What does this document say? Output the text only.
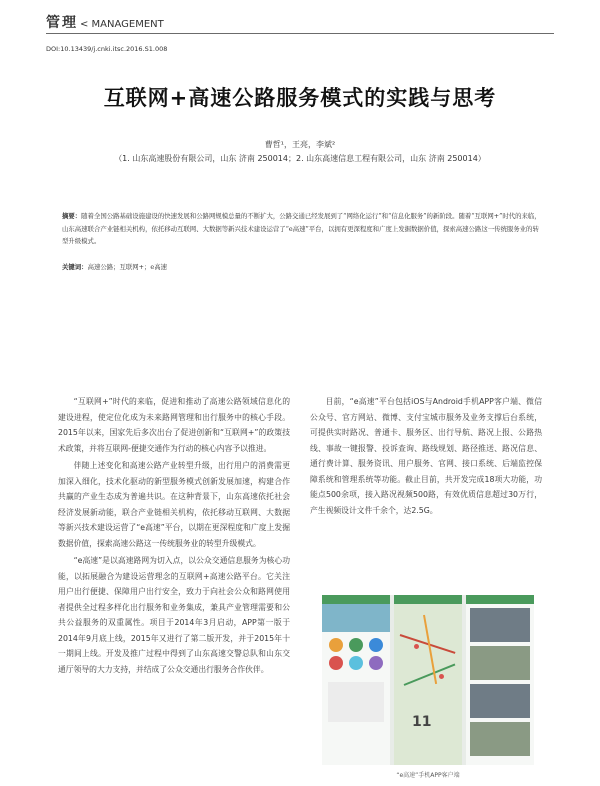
管理 < MANAGEMENT
DOI:10.13439/j.cnki.itsc.2016.S1.008
互联网+高速公路服务模式的实践与思考
曹哲¹，王亮，李斌²
（1. 山东高速股份有限公司，山东 济南 250014；2. 山东高速信息工程有限公司，山东 济南 250014）
摘要：随着全国公路基础设施建设的快速发展和公路网规模总量的不断扩大，公路交通已经发展到了“网络化运行”和“信息化服务”的新阶段。随着“互联网+”时代的来临，山东高速联合产业链相关机构，依托移动互联网、大数据等新兴技术建设运营了“e高速”平台，以拥有更深程度和广度上发掘数据价值，探索高速公路这一传统服务业的转型升级模式。
关键词：高速公路；互联网+；e高速

“互联网+”时代的来临，促进和推动了高速公路领域信息化的建设进程，使定位化成为未来路网管理和出行服务中的核心手段。2015年以来，国家先后多次出台了促进创新和“互联网+”的政策技术政策，并将互联网-便捷交通作为行动的核心内容予以推进。

伴随上述变化和高速公路产业转型升级，出行用户的消费需更加深入细化，技术化驱动的新型服务模式创新发展加速，构建合作共赢的产业生态成为普遍共识。在这种背景下，山东高速依托社会经济发展新动能，联合产业链相关机构，依托移动互联网、大数据等新兴技术建设运营了“e高速”平台，以期在更深程度和广度上发掘数据价值，探索高速公路这一传统服务业的转型升级模式。

“e高速”是以高速路网为切入点，以公众交通信息服务为核心功能，以拓展融合为建设运营理念的互联网+高速公路平台。它关注用户出行便捷、保障用户出行安全，致力于向社会公众和路网使用者提供全过程多样化出行服务和业务集成，兼具产业管理需要和公共公益服务的双重属性。项目于2014年3月启动，APP第一版于2014年9月底上线，2015年又进行了第二版开发，并于2015年十一期间上线。开发及推广过程中得到了山东高速交警总队和山东交通厅领导的大力支持，并结成了公众交通出行服务合作伙伴。

目前，“e高速”平台包括iOS与Android手机APP客户端、微信公众号、官方网站、微博、支付宝城市服务及业务支撑后台系统，可提供实时路况、普通卡、服务区、出行导航、路况上报、公路热线、事故一键报警、投诉查询、路线规划、路径推送、路况信息、通行费计算、服务资讯、用户服务、官网、接口系统、后端监控保障系统和管理系统等功能。截止目前，共开发完成18项大功能，功能点500余项，接入路况视频500路，有效优质信息超过30万行，产生视频设计文件千余个，达2.5G。

11
“e高速”手机APP客户端
